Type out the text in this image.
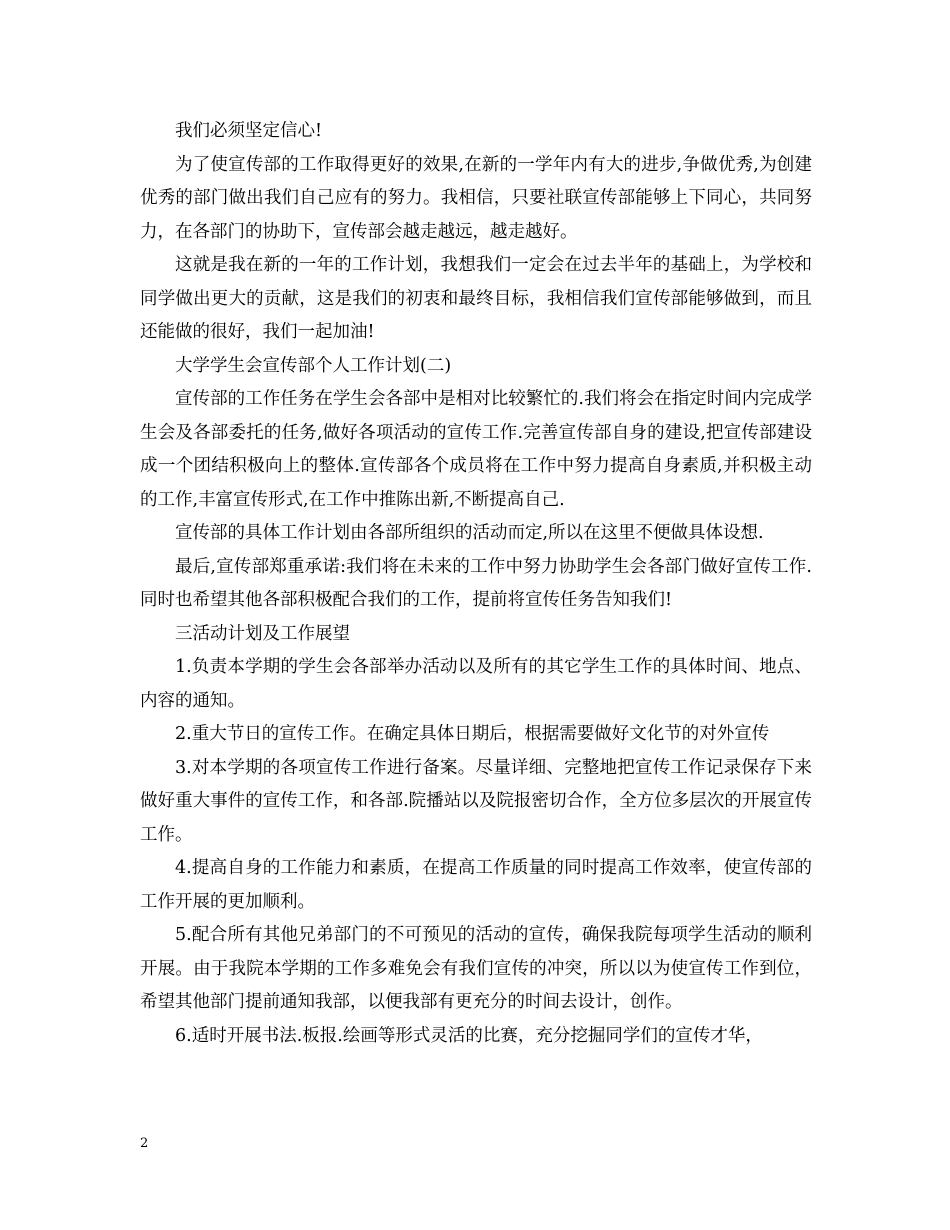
我们必须坚定信心!

为了使宣传部的工作取得更好的效果,在新的一学年内有大的进步,争做优秀,为创建优秀的部门做出我们自己应有的努力。我相信，只要社联宣传部能够上下同心，共同努力，在各部门的协助下，宣传部会越走越远，越走越好。

这就是我在新的一年的工作计划，我想我们一定会在过去半年的基础上，为学校和同学做出更大的贡献，这是我们的初衷和最终目标，我相信我们宣传部能够做到，而且还能做的很好，我们一起加油!

大学学生会宣传部个人工作计划(二)

宣传部的工作任务在学生会各部中是相对比较繁忙的.我们将会在指定时间内完成学生会及各部委托的任务,做好各项活动的宣传工作.完善宣传部自身的建设,把宣传部建设成一个团结积极向上的整体.宣传部各个成员将在工作中努力提高自身素质,并积极主动的工作,丰富宣传形式,在工作中推陈出新,不断提高自己.

宣传部的具体工作计划由各部所组织的活动而定,所以在这里不便做具体设想.

最后,宣传部郑重承诺:我们将在未来的工作中努力协助学生会各部门做好宣传工作.同时也希望其他各部积极配合我们的工作，提前将宣传任务告知我们!

三活动计划及工作展望

1.负责本学期的学生会各部举办活动以及所有的其它学生工作的具体时间、地点、内容的通知。

2.重大节日的宣传工作。在确定具体日期后，根据需要做好文化节的对外宣传

3.对本学期的各项宣传工作进行备案。尽量详细、完整地把宣传工作记录保存下来做好重大事件的宣传工作，和各部.院播站以及院报密切合作，全方位多层次的开展宣传工作。

4.提高自身的工作能力和素质，在提高工作质量的同时提高工作效率，使宣传部的工作开展的更加顺利。

5.配合所有其他兄弟部门的不可预见的活动的宣传，确保我院每项学生活动的顺利开展。由于我院本学期的工作多难免会有我们宣传的冲突，所以以为使宣传工作到位，希望其他部门提前通知我部，以便我部有更充分的时间去设计，创作。

6.适时开展书法.板报.绘画等形式灵活的比赛，充分挖掘同学们的宣传才华，

2
